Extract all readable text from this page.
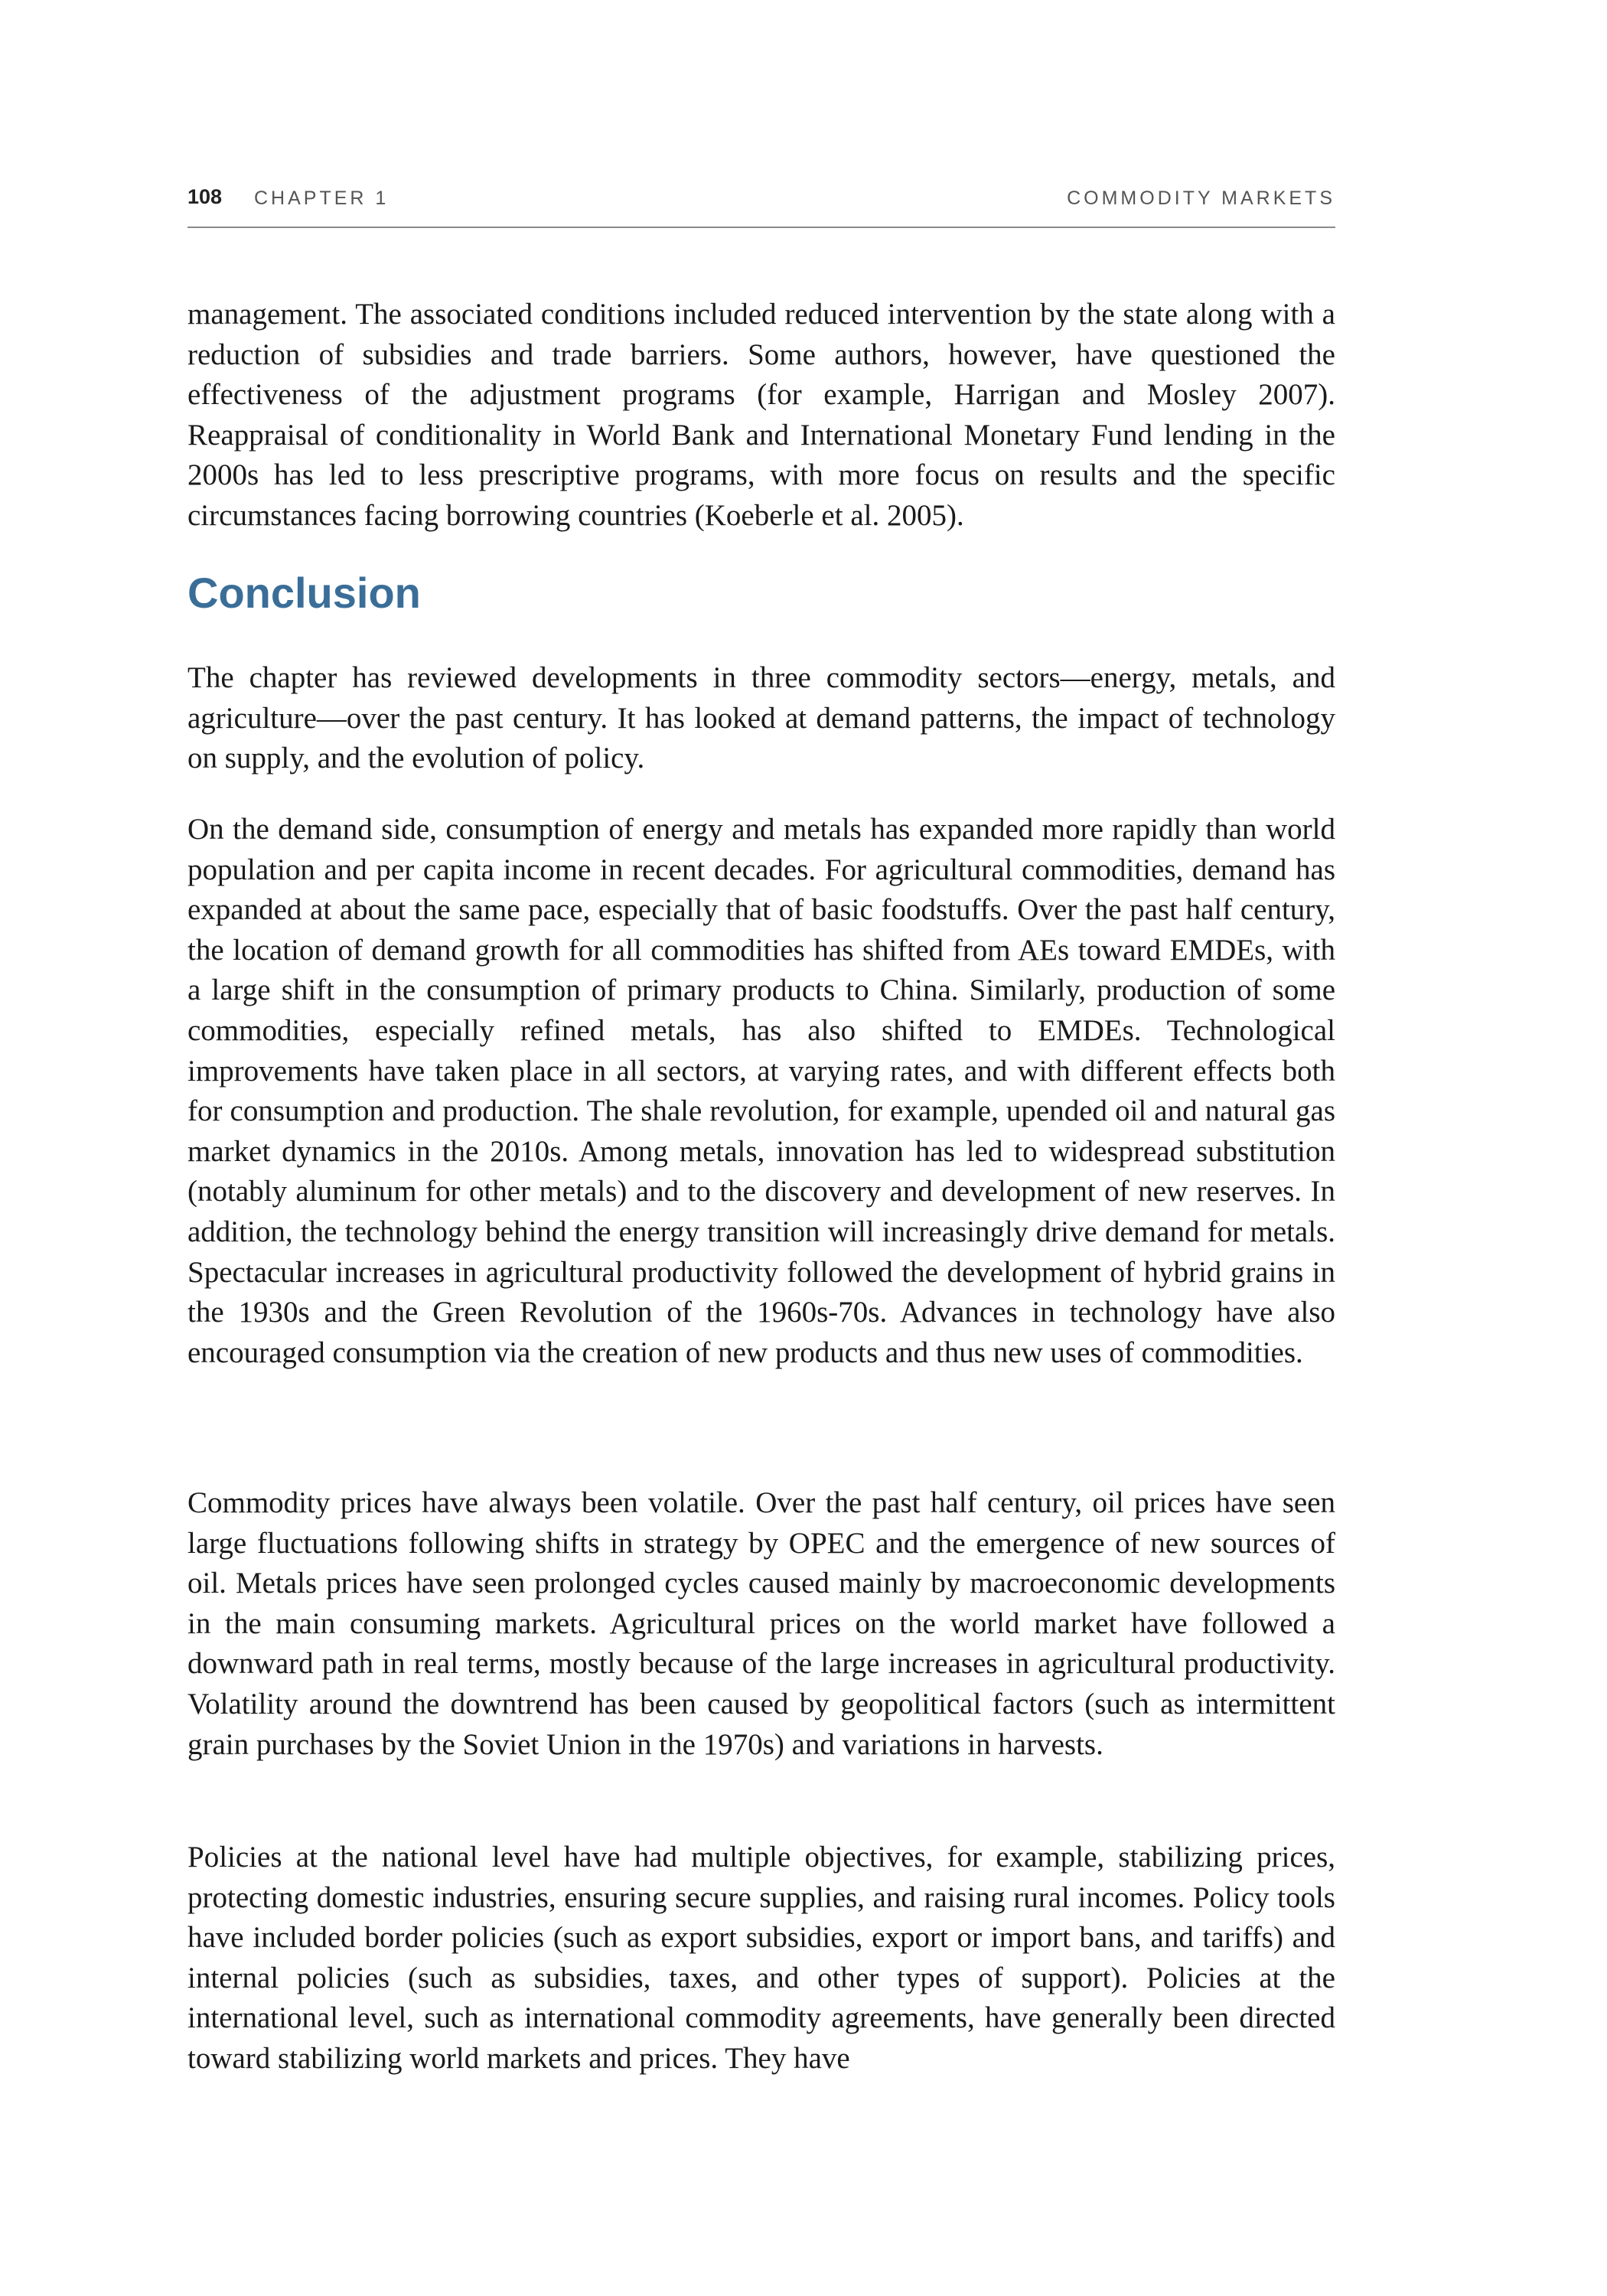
108 CHAPTER 1	COMMODITY MARKETS

management. The associated conditions included reduced intervention by the state along with a reduction of subsidies and trade barriers. Some authors, however, have questioned the effectiveness of the adjustment programs (for example, Harrigan and Mosley 2007). Reappraisal of conditionality in World Bank and International Monetary Fund lending in the 2000s has led to less prescriptive programs, with more focus on results and the specific circumstances facing borrowing countries (Koeberle et al. 2005).

Conclusion

The chapter has reviewed developments in three commodity sectors—energy, metals, and agriculture—over the past century. It has looked at demand patterns, the impact of technology on supply, and the evolution of policy.

On the demand side, consumption of energy and metals has expanded more rapidly than world population and per capita income in recent decades. For agricultural commodities, demand has expanded at about the same pace, especially that of basic foodstuffs. Over the past half century, the location of demand growth for all commodities has shifted from AEs toward EMDEs, with a large shift in the consumption of primary products to China. Similarly, production of some commodities, especially refined metals, has also shifted to EMDEs. Technological improvements have taken place in all sectors, at varying rates, and with different effects both for consumption and production. The shale revolution, for example, upended oil and natural gas market dynamics in the 2010s. Among metals, innovation has led to widespread substitution (notably aluminum for other metals) and to the discovery and development of new reserves. In addition, the technology behind the energy transition will increasingly drive demand for metals. Spectacular increases in agricultural productivity followed the development of hybrid grains in the 1930s and the Green Revolution of the 1960s-70s. Advances in technology have also encouraged consumption via the creation of new products and thus new uses of commodities.

Commodity prices have always been volatile. Over the past half century, oil prices have seen large fluctuations following shifts in strategy by OPEC and the emergence of new sources of oil. Metals prices have seen prolonged cycles caused mainly by macroeconomic developments in the main consuming markets. Agricultural prices on the world market have followed a downward path in real terms, mostly because of the large increases in agricultural productivity. Volatility around the downtrend has been caused by geopolitical factors (such as intermittent grain purchases by the Soviet Union in the 1970s) and variations in harvests.

Policies at the national level have had multiple objectives, for example, stabilizing prices, protecting domestic industries, ensuring secure supplies, and raising rural incomes. Policy tools have included border policies (such as export subsidies, export or import bans, and tariffs) and internal policies (such as subsidies, taxes, and other types of support). Policies at the international level, such as international commodity agreements, have generally been directed toward stabilizing world markets and prices. They have
